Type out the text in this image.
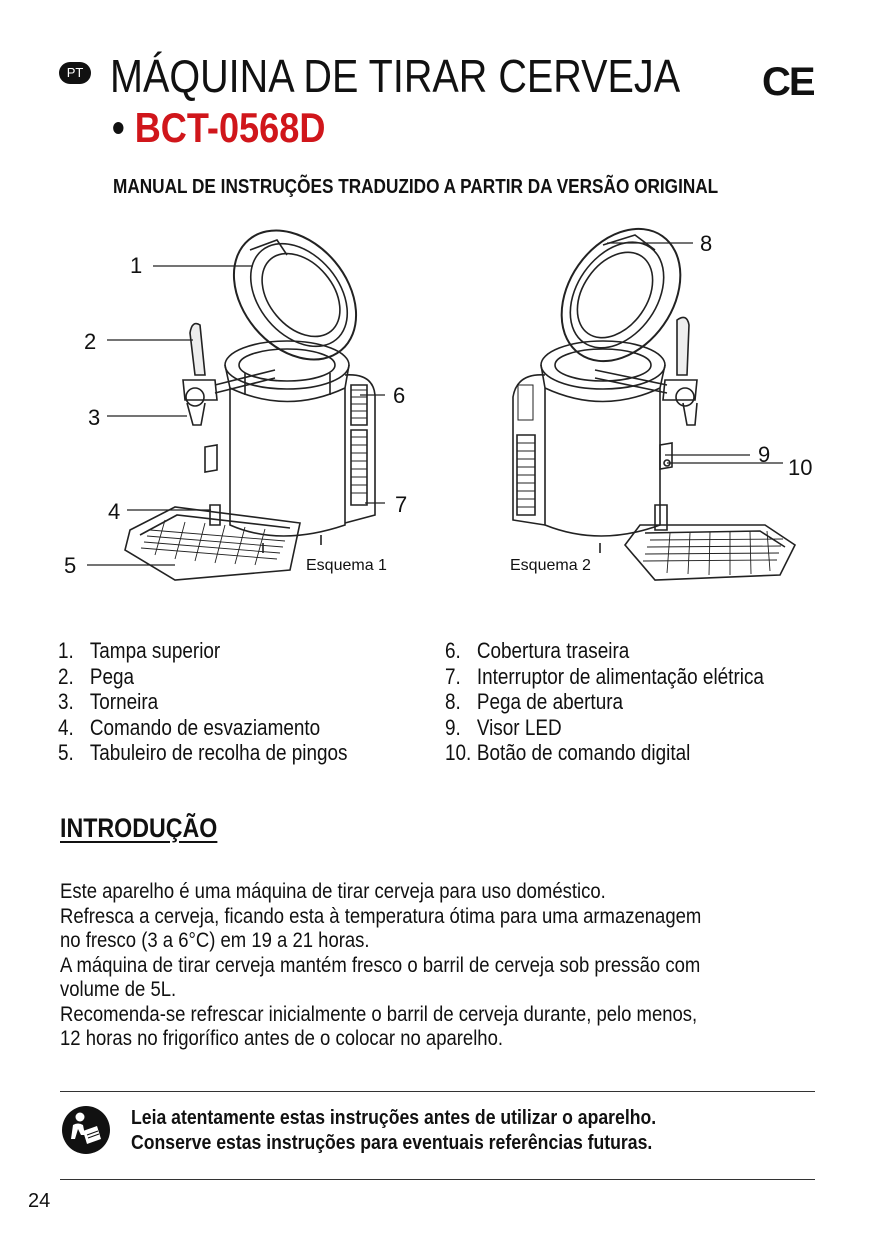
PT MÁQUINA DE TIRAR CERVEJA
• BCT-0568D
CE
MANUAL DE INSTRUÇÕES TRADUZIDO A PARTIR DA VERSÃO ORIGINAL
1
2
3
4
5
6
7
8
9
10
Esquema 1	Esquema 2
1. Tampa superior
2. Pega
3. Torneira
4. Comando de esvaziamento
5. Tabuleiro de recolha de pingos
6. Cobertura traseira
7. Interruptor de alimentação elétrica
8. Pega de abertura
9. Visor LED
10. Botão de comando digital
INTRODUÇÃO

Este aparelho é uma máquina de tirar cerveja para uso doméstico.

Refresca a cerveja, ficando esta à temperatura ótima para uma armazenagem

no fresco (3 a 6°C) em 19 a 21 horas.

A máquina de tirar cerveja mantém fresco o barril de cerveja sob pressão com

volume de 5L.

Recomenda-se refrescar inicialmente o barril de cerveja durante, pelo menos,

12 horas no frigorífico antes de o colocar no aparelho.

Leia atentamente estas instruções antes de utilizar o aparelho.
Conserve estas instruções para eventuais referências futuras.
24
